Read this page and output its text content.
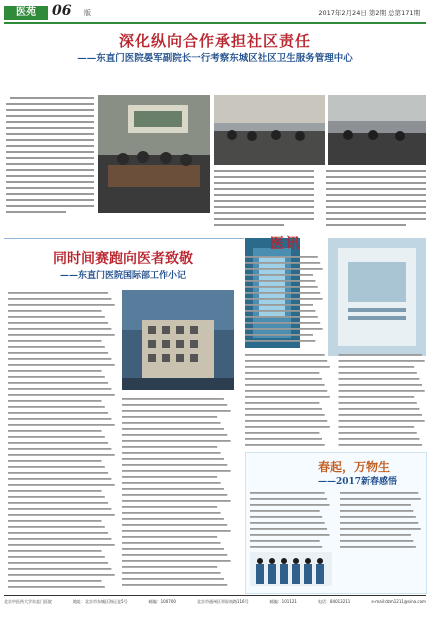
医苑	06 版	2017年2月24日 第2期 总第171期
深化纵向合作承担社区责任
——东直门医院晏军副院长一行考察东城区社区卫生服务管理中心
同时间赛跑向医者致敬
——东直门医院国际部工作小记
医讯
春起，万物生
——2017新春感悟
北京中医药大学东直门医院	地址：北京市东城区海运仓5号	邮编：100700	北京市通州区翠屏南路116号	邮编：101121	电话：84013211	e-mail:dzm1211@sina.com
